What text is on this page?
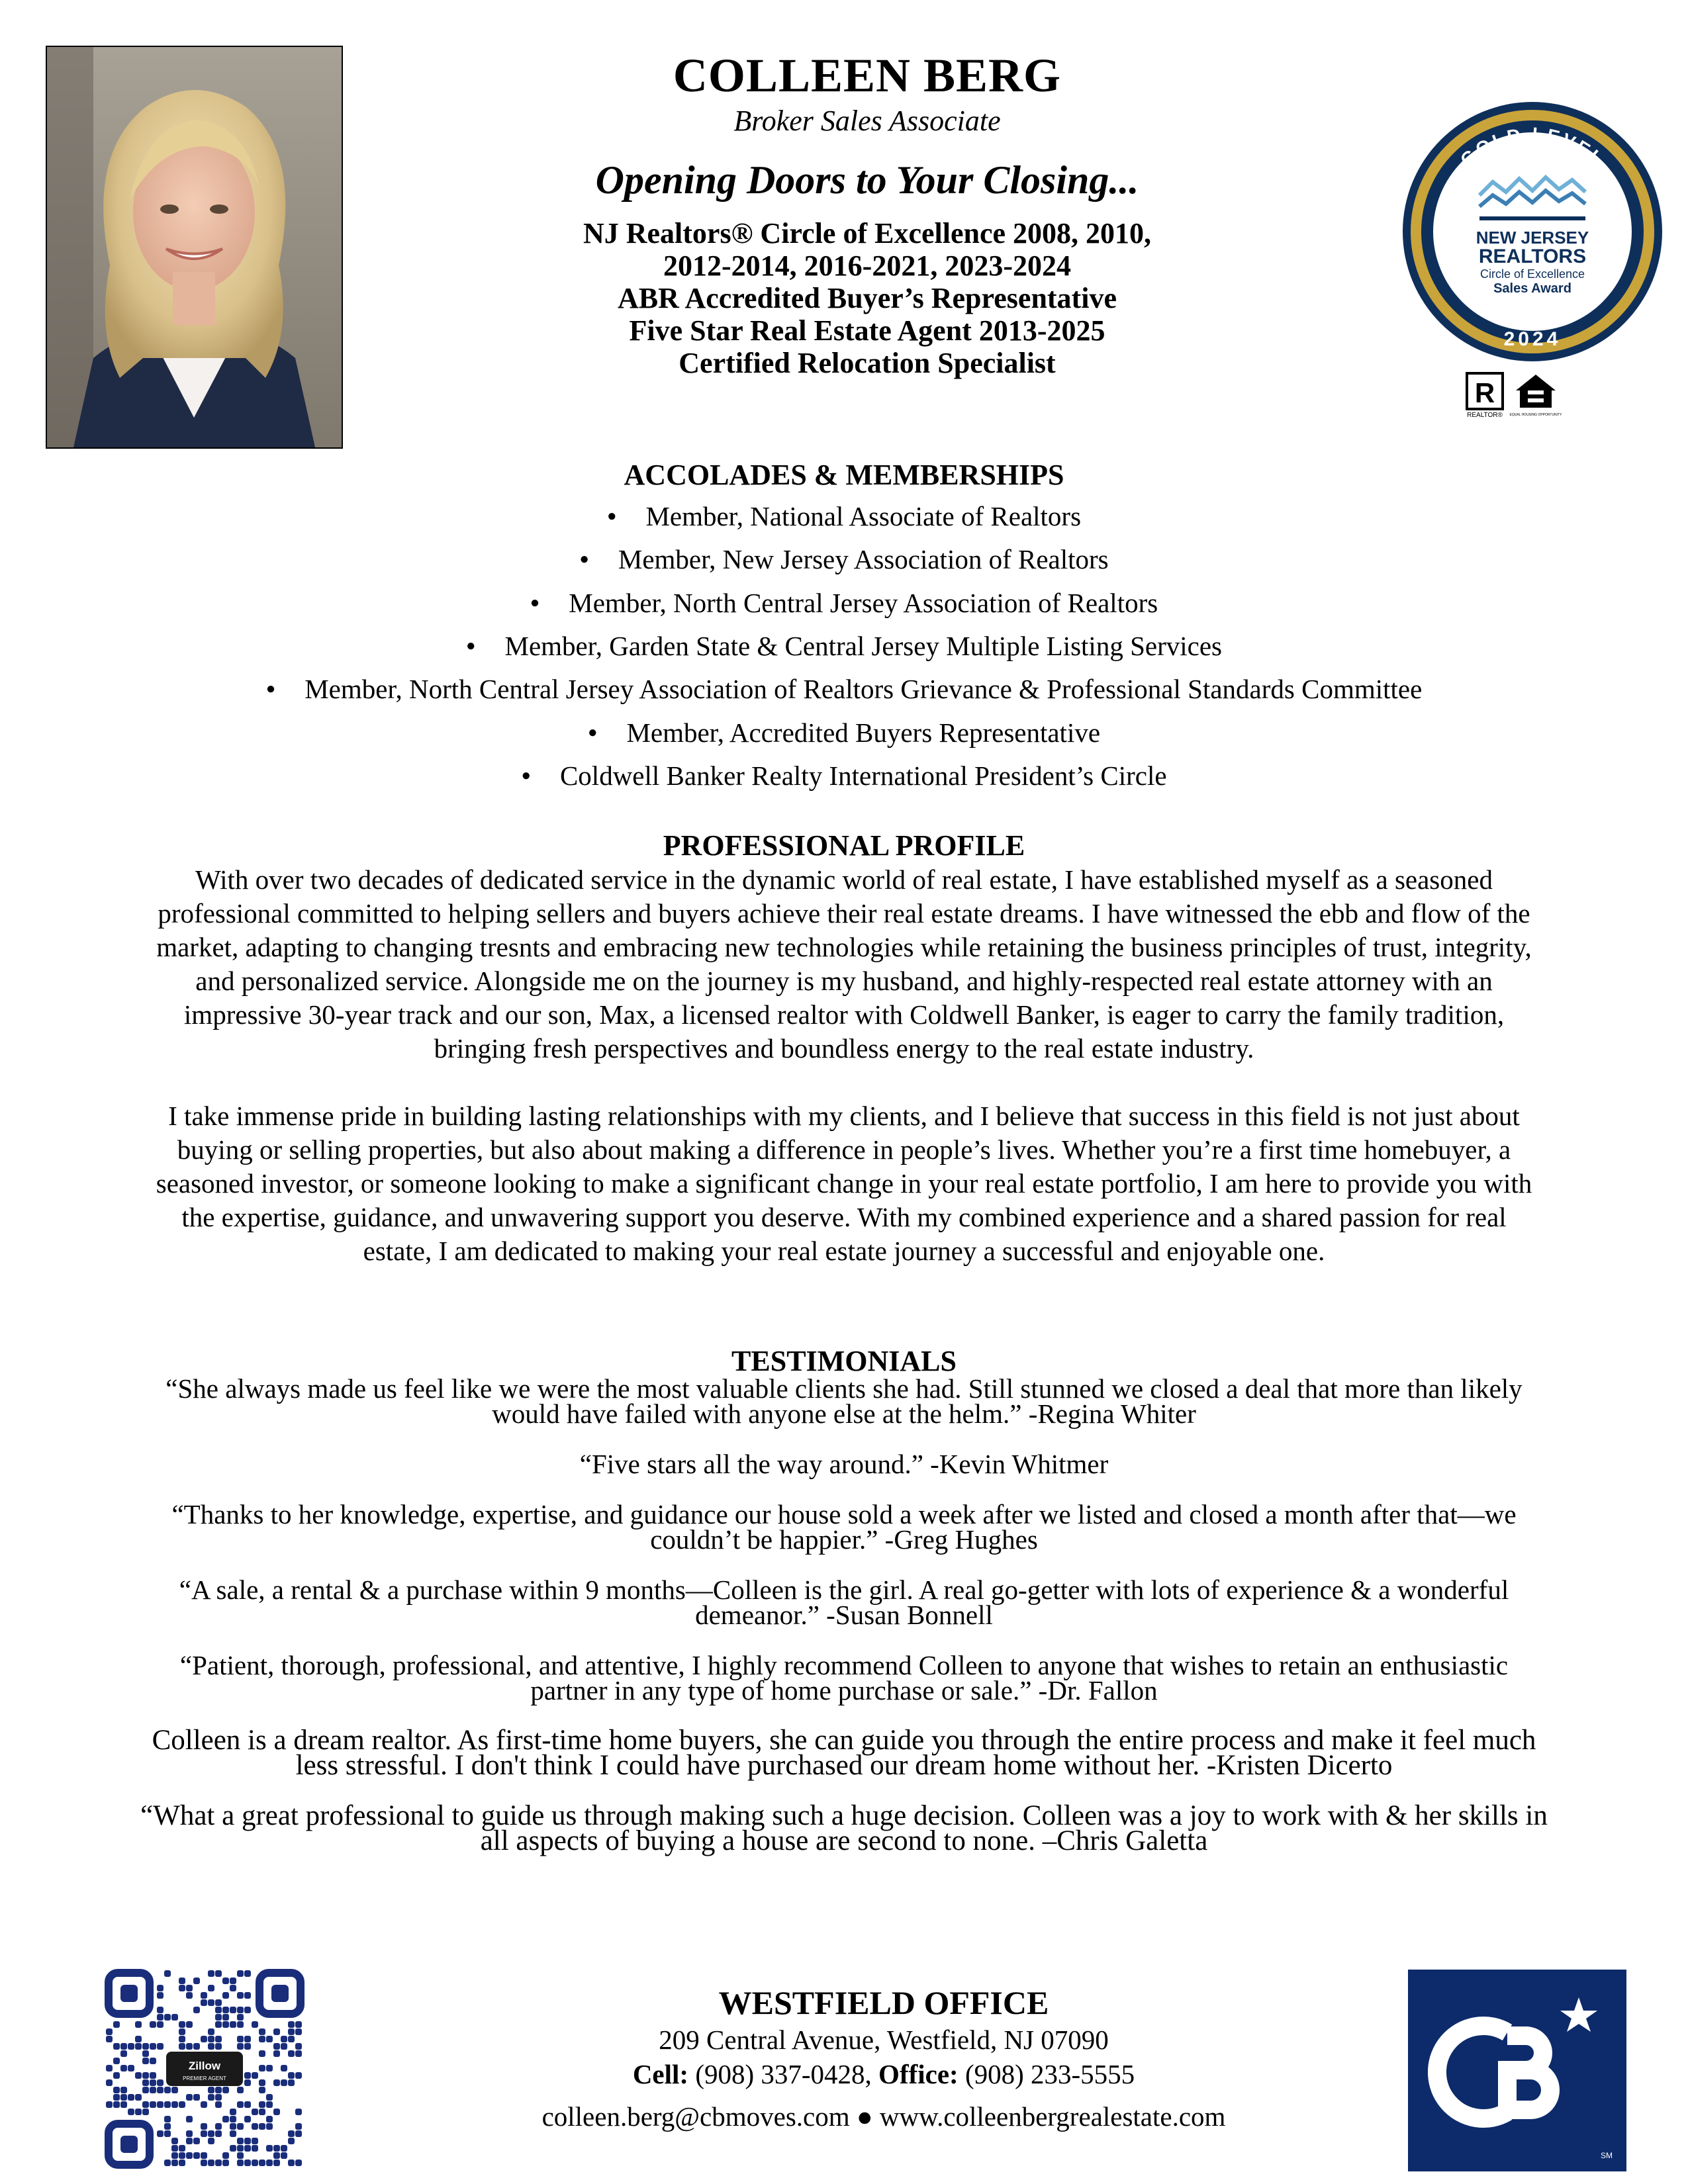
COLLEEN BERG
Broker Sales Associate
Opening Doors to Your Closing...
NJ Realtors® Circle of Excellence 2008, 2010,
2012-2014, 2016-2021, 2023-2024
ABR Accredited Buyer’s Representative
Five Star Real Estate Agent 2013-2025
Certified Relocation Specialist
GOLD LEVEL
NEW JERSEY
REALTORS
Circle of Excellence
Sales Award
2024
R
REALTOR® EQUAL HOUSING OPPORTUNITY
ACCOLADES & MEMBERSHIPS
● Member, National Associate of Realtors
● Member, New Jersey Association of Realtors
● Member, North Central Jersey Association of Realtors
● Member, Garden State & Central Jersey Multiple Listing Services
● Member, North Central Jersey Association of Realtors Grievance & Professional Standards Committee
● Member, Accredited Buyers Representative
● Coldwell Banker Realty International President’s Circle
PROFESSIONAL PROFILE
With over two decades of dedicated service in the dynamic world of real estate, I have established myself as a seasoned
professional committed to helping sellers and buyers achieve their real estate dreams. I have witnessed the ebb and flow of the
market, adapting to changing tresnts and embracing new technologies while retaining the business principles of trust, integrity,
and personalized service. Alongside me on the journey is my husband, and highly-respected real estate attorney with an
impressive 30-year track and our son, Max, a licensed realtor with Coldwell Banker, is eager to carry the family tradition,
bringing fresh perspectives and boundless energy to the real estate industry.
I take immense pride in building lasting relationships with my clients, and I believe that success in this field is not just about
buying or selling properties, but also about making a difference in people’s lives. Whether you’re a first time homebuyer, a
seasoned investor, or someone looking to make a significant change in your real estate portfolio, I am here to provide you with
the expertise, guidance, and unwavering support you deserve. With my combined experience and a shared passion for real
estate, I am dedicated to making your real estate journey a successful and enjoyable one.
TESTIMONIALS
“She always made us feel like we were the most valuable clients she had. Still stunned we closed a deal that more than likely
would have failed with anyone else at the helm.” -Regina Whiter
“Five stars all the way around.” -Kevin Whitmer
“Thanks to her knowledge, expertise, and guidance our house sold a week after we listed and closed a month after that—we
couldn’t be happier.” -Greg Hughes
“A sale, a rental & a purchase within 9 months—Colleen is the girl. A real go-getter with lots of experience & a wonderful
demeanor.” -Susan Bonnell
“Patient, thorough, professional, and attentive, I highly recommend Colleen to anyone that wishes to retain an enthusiastic
partner in any type of home purchase or sale.” -Dr. Fallon
Colleen is a dream realtor. As first-time home buyers, she can guide you through the entire process and make it feel much
less stressful. I don't think I could have purchased our dream home without her. -Kristen Dicerto
“What a great professional to guide us through making such a huge decision. Colleen was a joy to work with & her skills in
all aspects of buying a house are second to none. –Chris Galetta
Zillow
PREMIER AGENT
WESTFIELD OFFICE
209 Central Avenue, Westfield, NJ 07090
Cell: (908) 337-0428, Office: (908) 233-5555
colleen.berg@cbmoves.com ● www.colleenbergrealestate.com
SM
